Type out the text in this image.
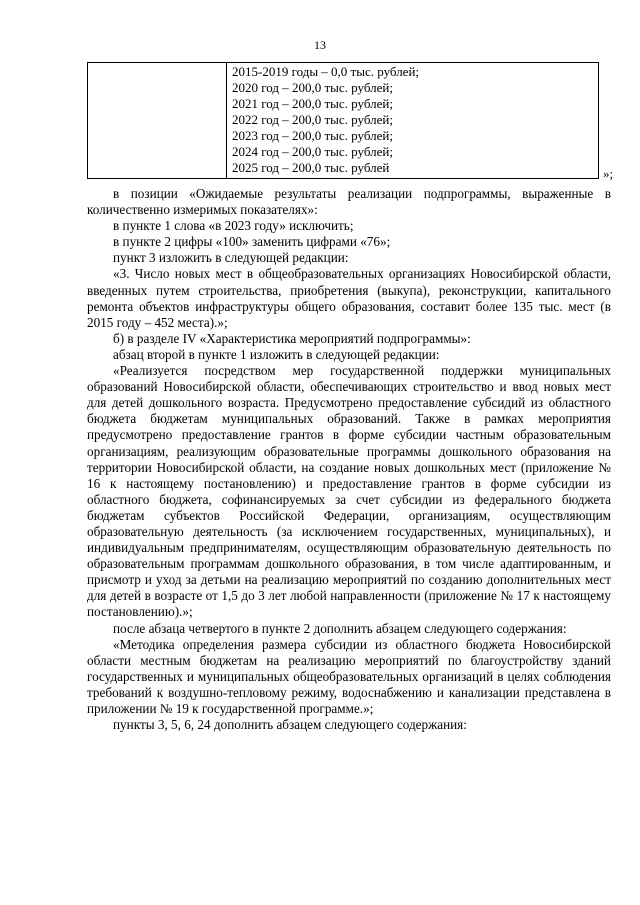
13

2015-2019 годы – 0,0 тыс. рублей;
2020 год – 200,0 тыс. рублей;
2021 год – 200,0 тыс. рублей;
2022 год – 200,0 тыс. рублей;
2023 год – 200,0 тыс. рублей;
2024 год – 200,0 тыс. рублей;
2025 год – 200,0 тыс. рублей	»;

в позиции «Ожидаемые результаты реализации подпрограммы, выраженные в количественно измеримых показателях»:

в пункте 1 слова «в 2023 году» исключить;

в пункте 2 цифры «100» заменить цифрами «76»;

пункт 3 изложить в следующей редакции:

«3. Число новых мест в общеобразовательных организациях Новосибирской области, введенных путем строительства, приобретения (выкупа), реконструкции, капитального ремонта объектов инфраструктуры общего образования, составит более 135 тыс. мест (в 2015 году – 452 места).»;

б) в разделе IV «Характеристика мероприятий подпрограммы»:

абзац второй в пункте 1 изложить в следующей редакции:

«Реализуется посредством мер государственной поддержки муниципальных образований Новосибирской области, обеспечивающих строительство и ввод новых мест для детей дошкольного возраста. Предусмотрено предоставление субсидий из областного бюджета бюджетам муниципальных образований. Также в рамках мероприятия предусмотрено предоставление грантов в форме субсидии частным образовательным организациям, реализующим образовательные программы дошкольного образования на территории Новосибирской области, на создание новых дошкольных мест (приложение № 16 к настоящему постановлению) и предоставление грантов в форме субсидии из областного бюджета, софинансируемых за счет субсидии из федерального бюджета бюджетам субъектов Российской Федерации, организациям, осуществляющим образовательную деятельность (за исключением государственных, муниципальных), и индивидуальным предпринимателям, осуществляющим образовательную деятельность по образовательным программам дошкольного образования, в том числе адаптированным, и присмотр и уход за детьми на реализацию мероприятий по созданию дополнительных мест для детей в возрасте от 1,5 до 3 лет любой направленности (приложение № 17 к настоящему постановлению).»;

после абзаца четвертого в пункте 2 дополнить абзацем следующего содержания:

«Методика определения размера субсидии из областного бюджета Новосибирской области местным бюджетам на реализацию мероприятий по благоустройству зданий государственных и муниципальных общеобразовательных организаций в целях соблюдения требований к воздушно-тепловому режиму, водоснабжению и канализации представлена в приложении № 19 к государственной программе.»;

пункты 3, 5, 6, 24 дополнить абзацем следующего содержания:
